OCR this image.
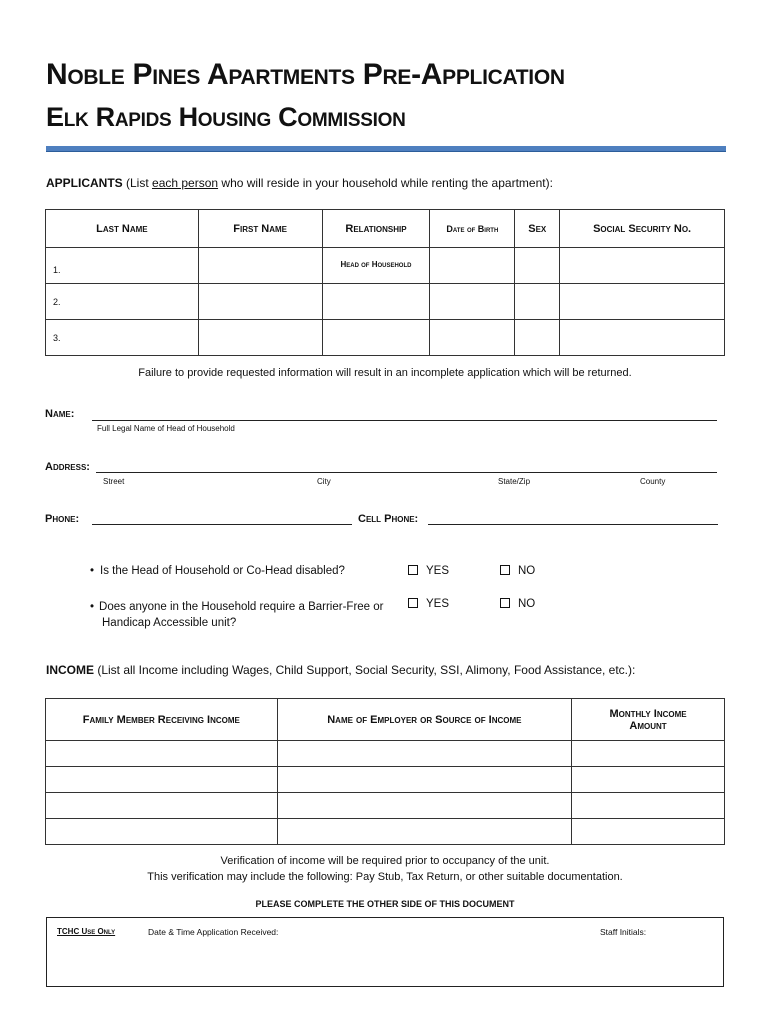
Noble Pines Apartments Pre-Application
Elk Rapids Housing Commission
APPLICANTS (List each person who will reside in your household while renting the apartment):
Last Name	First Name	Relationship	Date of Birth	Sex	Social Security No.
1.		Head of Household			
2.					
3.					
Failure to provide requested information will result in an incomplete application which will be returned.
Name:
Full Legal Name of Head of Household
Address:
Street	City	State/Zip	County
Phone:	Cell Phone:
• Is the Head of Household or Co-Head disabled?	YES	NO
• Does anyone in the Household require a Barrier-Free or Handicap Accessible unit?
YES	NO
INCOME (List all Income including Wages, Child Support, Social Security, SSI, Alimony, Food Assistance, etc.):
Family Member Receiving Income	Name of Employer or Source of Income	Monthly Income Amount

Verification of income will be required prior to occupancy of the unit.
This verification may include the following: Pay Stub, Tax Return, or other suitable documentation.
PLEASE COMPLETE THE OTHER SIDE OF THIS DOCUMENT
TCHC Use Only	Date & Time Application Received:	Staff Initials:
